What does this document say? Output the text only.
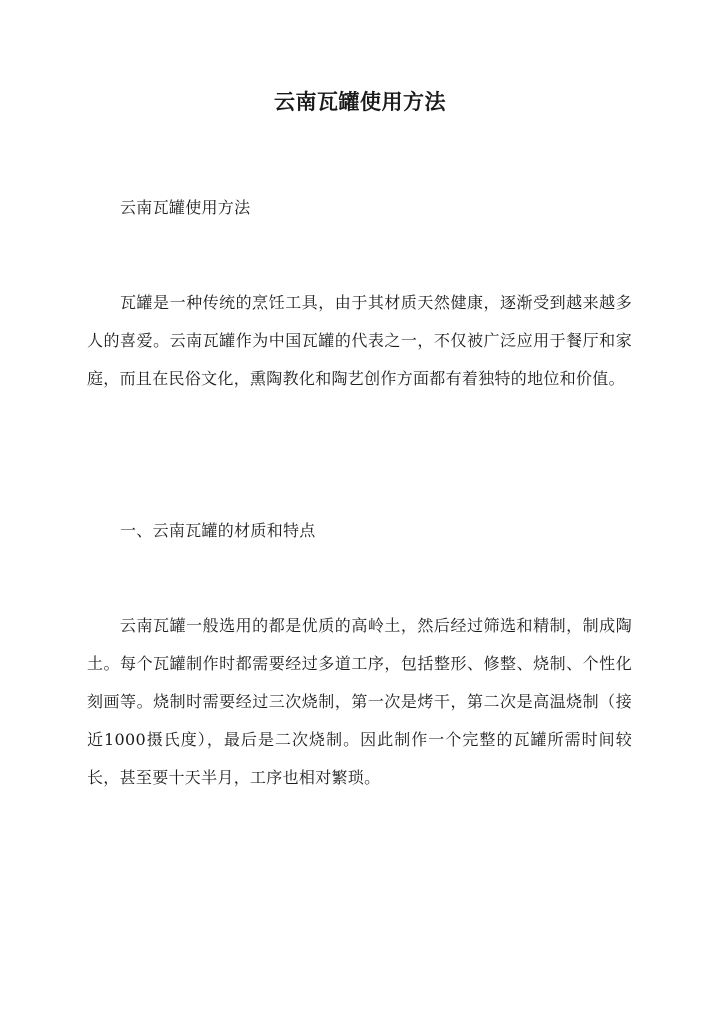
云南瓦罐使用方法

云南瓦罐使用方法

瓦罐是一种传统的烹饪工具，由于其材质天然健康，逐渐受到越来越多人的喜爱。云南瓦罐作为中国瓦罐的代表之一，不仅被广泛应用于餐厅和家庭，而且在民俗文化，熏陶教化和陶艺创作方面都有着独特的地位和价值。

一、云南瓦罐的材质和特点

云南瓦罐一般选用的都是优质的高岭土，然后经过筛选和精制，制成陶土。每个瓦罐制作时都需要经过多道工序，包括整形、修整、烧制、个性化刻画等。烧制时需要经过三次烧制，第一次是烤干，第二次是高温烧制（接近1000摄氏度），最后是二次烧制。因此制作一个完整的瓦罐所需时间较长，甚至要十天半月，工序也相对繁琐。
